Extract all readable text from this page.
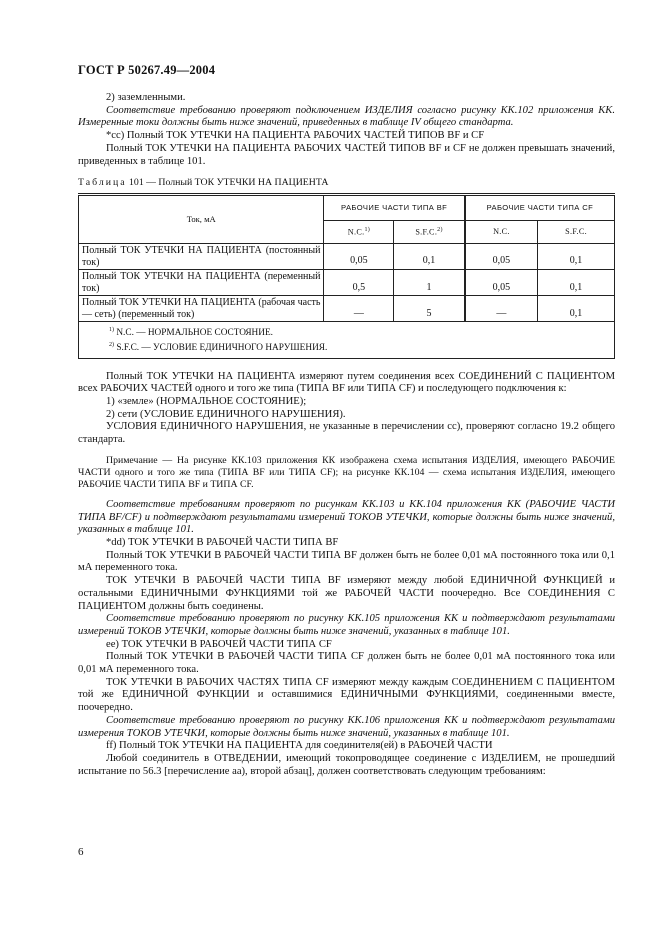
ГОСТ Р 50267.49—2004

2) заземленными.

Соответствие требованию проверяют подключением ИЗДЕЛИЯ согласно рисунку КК.102 приложения КК. Измеренные токи должны быть ниже значений, приведенных в таблице IV общего стандарта.

*cc) Полный ТОК УТЕЧКИ НА ПАЦИЕНТА РАБОЧИХ ЧАСТЕЙ ТИПОВ BF и CF

Полный ТОК УТЕЧКИ НА ПАЦИЕНТА РАБОЧИХ ЧАСТЕЙ ТИПОВ BF и CF не должен превышать значений, приведенных в таблице 101.

Таблица 101 — Полный ТОК УТЕЧКИ НА ПАЦИЕНТА
Ток, мА	РАБОЧИЕ ЧАСТИ ТИПА BF		РАБОЧИЕ ЧАСТИ ТИПА CF	
	N.C.$^{1)}$	S.F.C.$^{2)}$	N.C.	S.F.C.
Полный ТОК УТЕЧКИ НА ПАЦИЕНТА (постоянный ток)	0,05	0,1	0,05	0,1
Полный ТОК УТЕЧКИ НА ПАЦИЕНТА (переменный ток)	0,5	1	0,05	0,1
Полный ТОК УТЕЧКИ НА ПАЦИЕНТА (рабочая часть — сеть) (переменный ток)	—	5	—	0,1

$^{1)}$ N.C. — НОРМАЛЬНОЕ СОСТОЯНИЕ.
$^{2)}$ S.F.C. — УСЛОВИЕ ЕДИНИЧНОГО НАРУШЕНИЯ.				

Полный ТОК УТЕЧКИ НА ПАЦИЕНТА измеряют путем соединения всех СОЕДИНЕНИЙ С ПАЦИЕНТОМ всех РАБОЧИХ ЧАСТЕЙ одного и того же типа (ТИПА BF или ТИПА CF) и последующего подключения к:

1) «земле» (НОРМАЛЬНОЕ СОСТОЯНИЕ);

2) сети (УСЛОВИЕ ЕДИНИЧНОГО НАРУШЕНИЯ).

УСЛОВИЯ ЕДИНИЧНОГО НАРУШЕНИЯ, не указанные в перечислении сс), проверяют согласно 19.2 общего стандарта.

Примечание — На рисунке КК.103 приложения КК изображена схема испытания ИЗДЕЛИЯ, имеющего РАБОЧИЕ ЧАСТИ одного и того же типа (ТИПА BF или ТИПА CF); на рисунке КК.104 — схема испытания ИЗДЕЛИЯ, имеющего РАБОЧИЕ ЧАСТИ ТИПА BF и ТИПА CF.

Соответствие требованиям проверяют по рисункам КК.103 и КК.104 приложения КК (РАБОЧИЕ ЧАСТИ ТИПА BF/CF) и подтверждают результатами измерений ТОКОВ УТЕЧКИ, которые должны быть ниже значений, указанных в таблице 101.

*dd) ТОК УТЕЧКИ В РАБОЧЕЙ ЧАСТИ ТИПА BF

Полный ТОК УТЕЧКИ В РАБОЧЕЙ ЧАСТИ ТИПА BF должен быть не более 0,01 мА постоянного тока или 0,1 мА переменного тока.

ТОК УТЕЧКИ В РАБОЧЕЙ ЧАСТИ ТИПА BF измеряют между любой ЕДИНИЧНОЙ ФУНКЦИЕЙ и остальными ЕДИНИЧНЫМИ ФУНКЦИЯМИ той же РАБОЧЕЙ ЧАСТИ поочередно. Все СОЕДИНЕНИЯ С ПАЦИЕНТОМ должны быть соединены.

Соответствие требованию проверяют по рисунку КК.105 приложения КК и подтверждают результатами измерений ТОКОВ УТЕЧКИ, которые должны быть ниже значений, указанных в таблице 101.

ee) ТОК УТЕЧКИ В РАБОЧЕЙ ЧАСТИ ТИПА CF

Полный ТОК УТЕЧКИ В РАБОЧЕЙ ЧАСТИ ТИПА CF должен быть не более 0,01 мА постоянного тока или 0,01 мА переменного тока.

ТОК УТЕЧКИ В РАБОЧИХ ЧАСТЯХ ТИПА CF измеряют между каждым СОЕДИНЕНИЕМ С ПАЦИЕНТОМ той же ЕДИНИЧНОЙ ФУНКЦИИ и оставшимися ЕДИНИЧНЫМИ ФУНКЦИЯМИ, соединенными вместе, поочередно.

Соответствие требованию проверяют по рисунку КК.106 приложения КК и подтверждают результатами измерения ТОКОВ УТЕЧКИ, которые должны быть ниже значений, указанных в таблице 101.

ff) Полный ТОК УТЕЧКИ НА ПАЦИЕНТА для соединителя(ей) в РАБОЧЕЙ ЧАСТИ

Любой соединитель в ОТВЕДЕНИИ, имеющий токопроводящее соединение с ИЗДЕЛИЕМ, не прошедший испытание по 56.3 [перечисление аа), второй абзац], должен соответствовать следующим требованиям:

6
